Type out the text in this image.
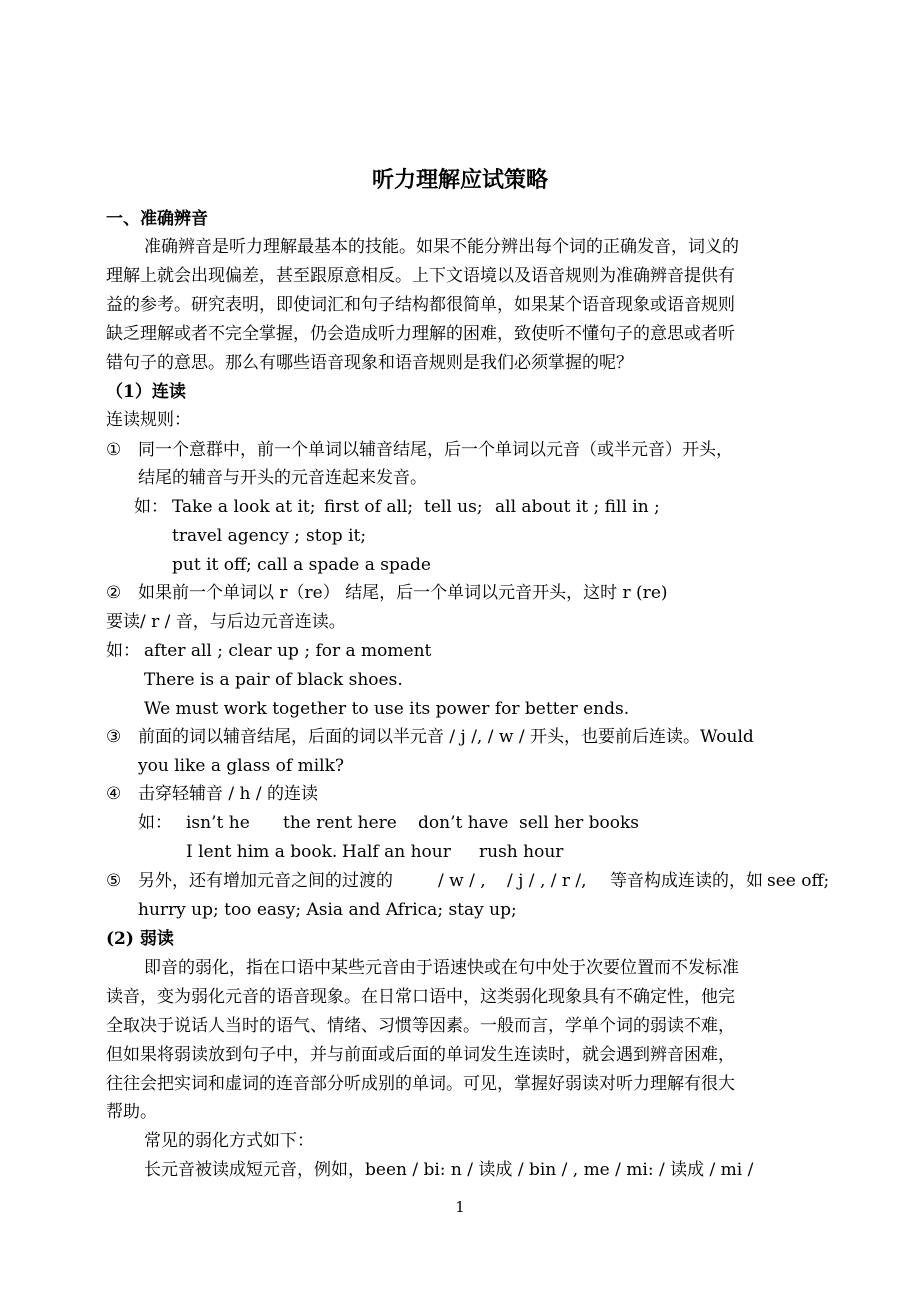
听力理解应试策略
一、准确辨音
准确辨音是听力理解最基本的技能。如果不能分辨出每个词的正确发音，词义的
理解上就会出现偏差，甚至跟原意相反。上下文语境以及语音规则为准确辨音提供有
益的参考。研究表明，即使词汇和句子结构都很简单，如果某个语音现象或语音规则
缺乏理解或者不完全掌握，仍会造成听力理解的困难，致使听不懂句子的意思或者听
错句子的意思。那么有哪些语音现象和语音规则是我们必须掌握的呢？
（1）连读
连读规则：
① 同一个意群中，前一个单词以辅音结尾，后一个单词以元音（或半元音）开头，
结尾的辅音与开头的元音连起来发音。
如： Take a look at it; first of all; tell us; all about it ; fill in ;
travel agency ; stop it;
put it off; call a spade a spade
② 如果前一个单词以 r（re） 结尾，后一个单词以元音开头，这时 r (re)
要读/ r / 音，与后边元音连读。
如： after all ; clear up ; for a moment
There is a pair of black shoes.
We must work together to use its power for better ends.
③ 前面的词以辅音结尾，后面的词以半元音 / j /, / w / 开头，也要前后连读。Would
you like a glass of milk?
④ 击穿轻辅音 / h / 的连读
如： isn’t he the rent here don’t have sell her books
I lent him a book. Half an hour rush hour
⑤ 另外，还有增加元音之间的过渡的	/ w / , / j / , / r /, 等音构成连读的，如 see off;
hurry up; too easy; Asia and Africa; stay up;
(2) 弱读
即音的弱化，指在口语中某些元音由于语速快或在句中处于次要位置而不发标准
读音，变为弱化元音的语音现象。在日常口语中，这类弱化现象具有不确定性，他完
全取决于说话人当时的语气、情绪、习惯等因素。一般而言，学单个词的弱读不难，
但如果将弱读放到句子中，并与前面或后面的单词发生连读时，就会遇到辨音困难，
往往会把实词和虚词的连音部分听成别的单词。可见，掌握好弱读对听力理解有很大
帮助。
常见的弱化方式如下：
长元音被读成短元音，例如，been / bi: n / 读成 / bin / , me / mi: / 读成 / mi /
1
